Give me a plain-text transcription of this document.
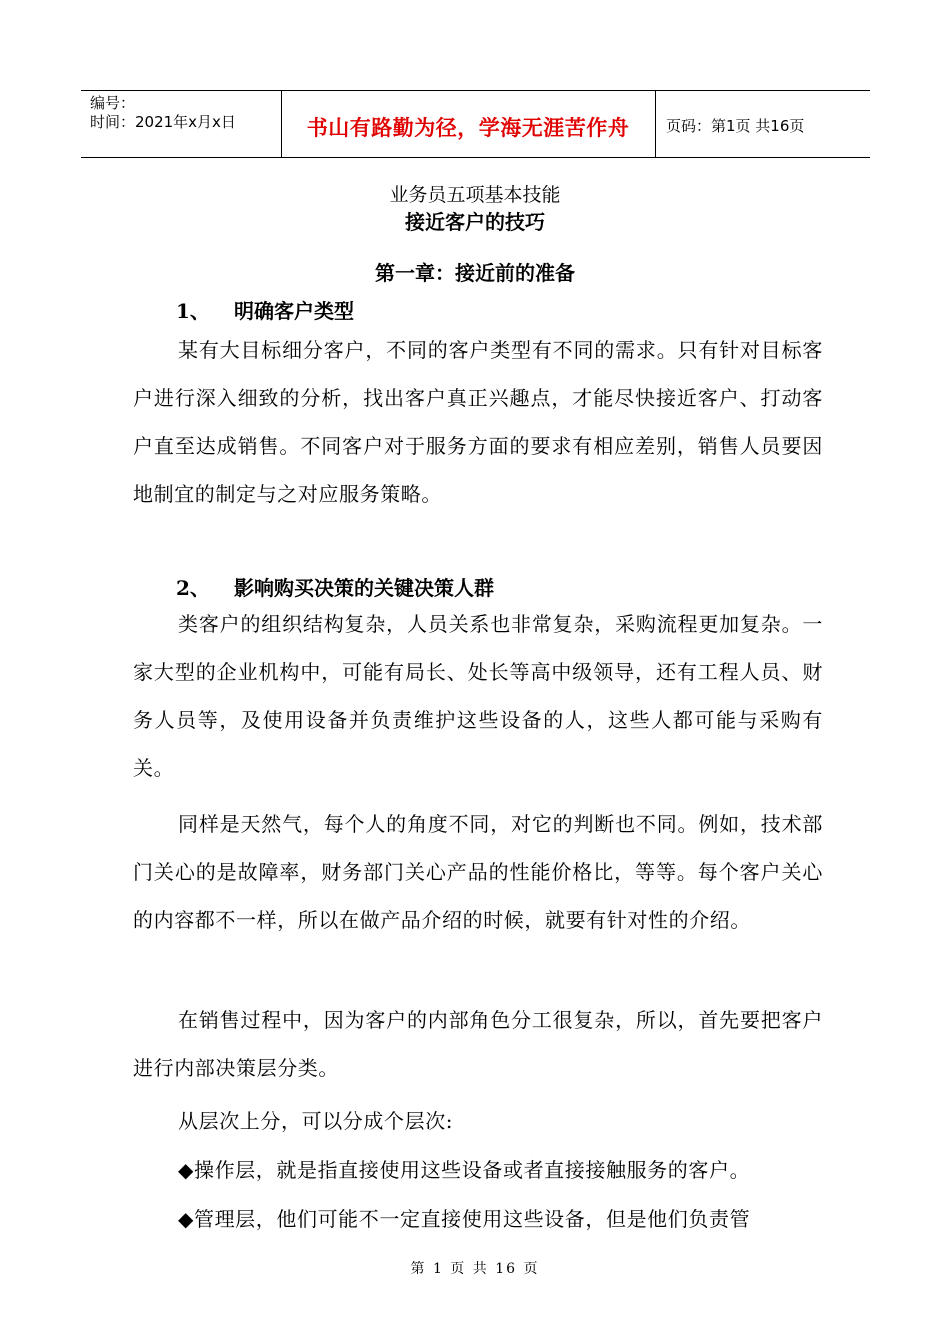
编号：
时间：2021年x月x日	书山有路勤为径，学海无涯苦作舟	页码：第1页 共16页
业务员五项基本技能
接近客户的技巧
第一章：接近前的准备
1、 明确客户类型
某有大目标细分客户，不同的客户类型有不同的需求。只有针对目标客户进行深入细致的分析，找出客户真正兴趣点，才能尽快接近客户、打动客户直至达成销售。不同客户对于服务方面的要求有相应差别，销售人员要因地制宜的制定与之对应服务策略。
2、 影响购买决策的关键决策人群
类客户的组织结构复杂，人员关系也非常复杂，采购流程更加复杂。一家大型的企业机构中，可能有局长、处长等高中级领导，还有工程人员、财务人员等，及使用设备并负责维护这些设备的人，这些人都可能与采购有关。
同样是天然气，每个人的角度不同，对它的判断也不同。例如，技术部门关心的是故障率，财务部门关心产品的性能价格比，等等。每个客户关心的内容都不一样，所以在做产品介绍的时候，就要有针对性的介绍。
在销售过程中，因为客户的内部角色分工很复杂，所以，首先要把客户进行内部决策层分类。
从层次上分，可以分成个层次:
◆操作层，就是指直接使用这些设备或者直接接触服务的客户。
◆管理层，他们可能不一定直接使用这些设备，但是他们负责管
第 1 页 共 16 页
